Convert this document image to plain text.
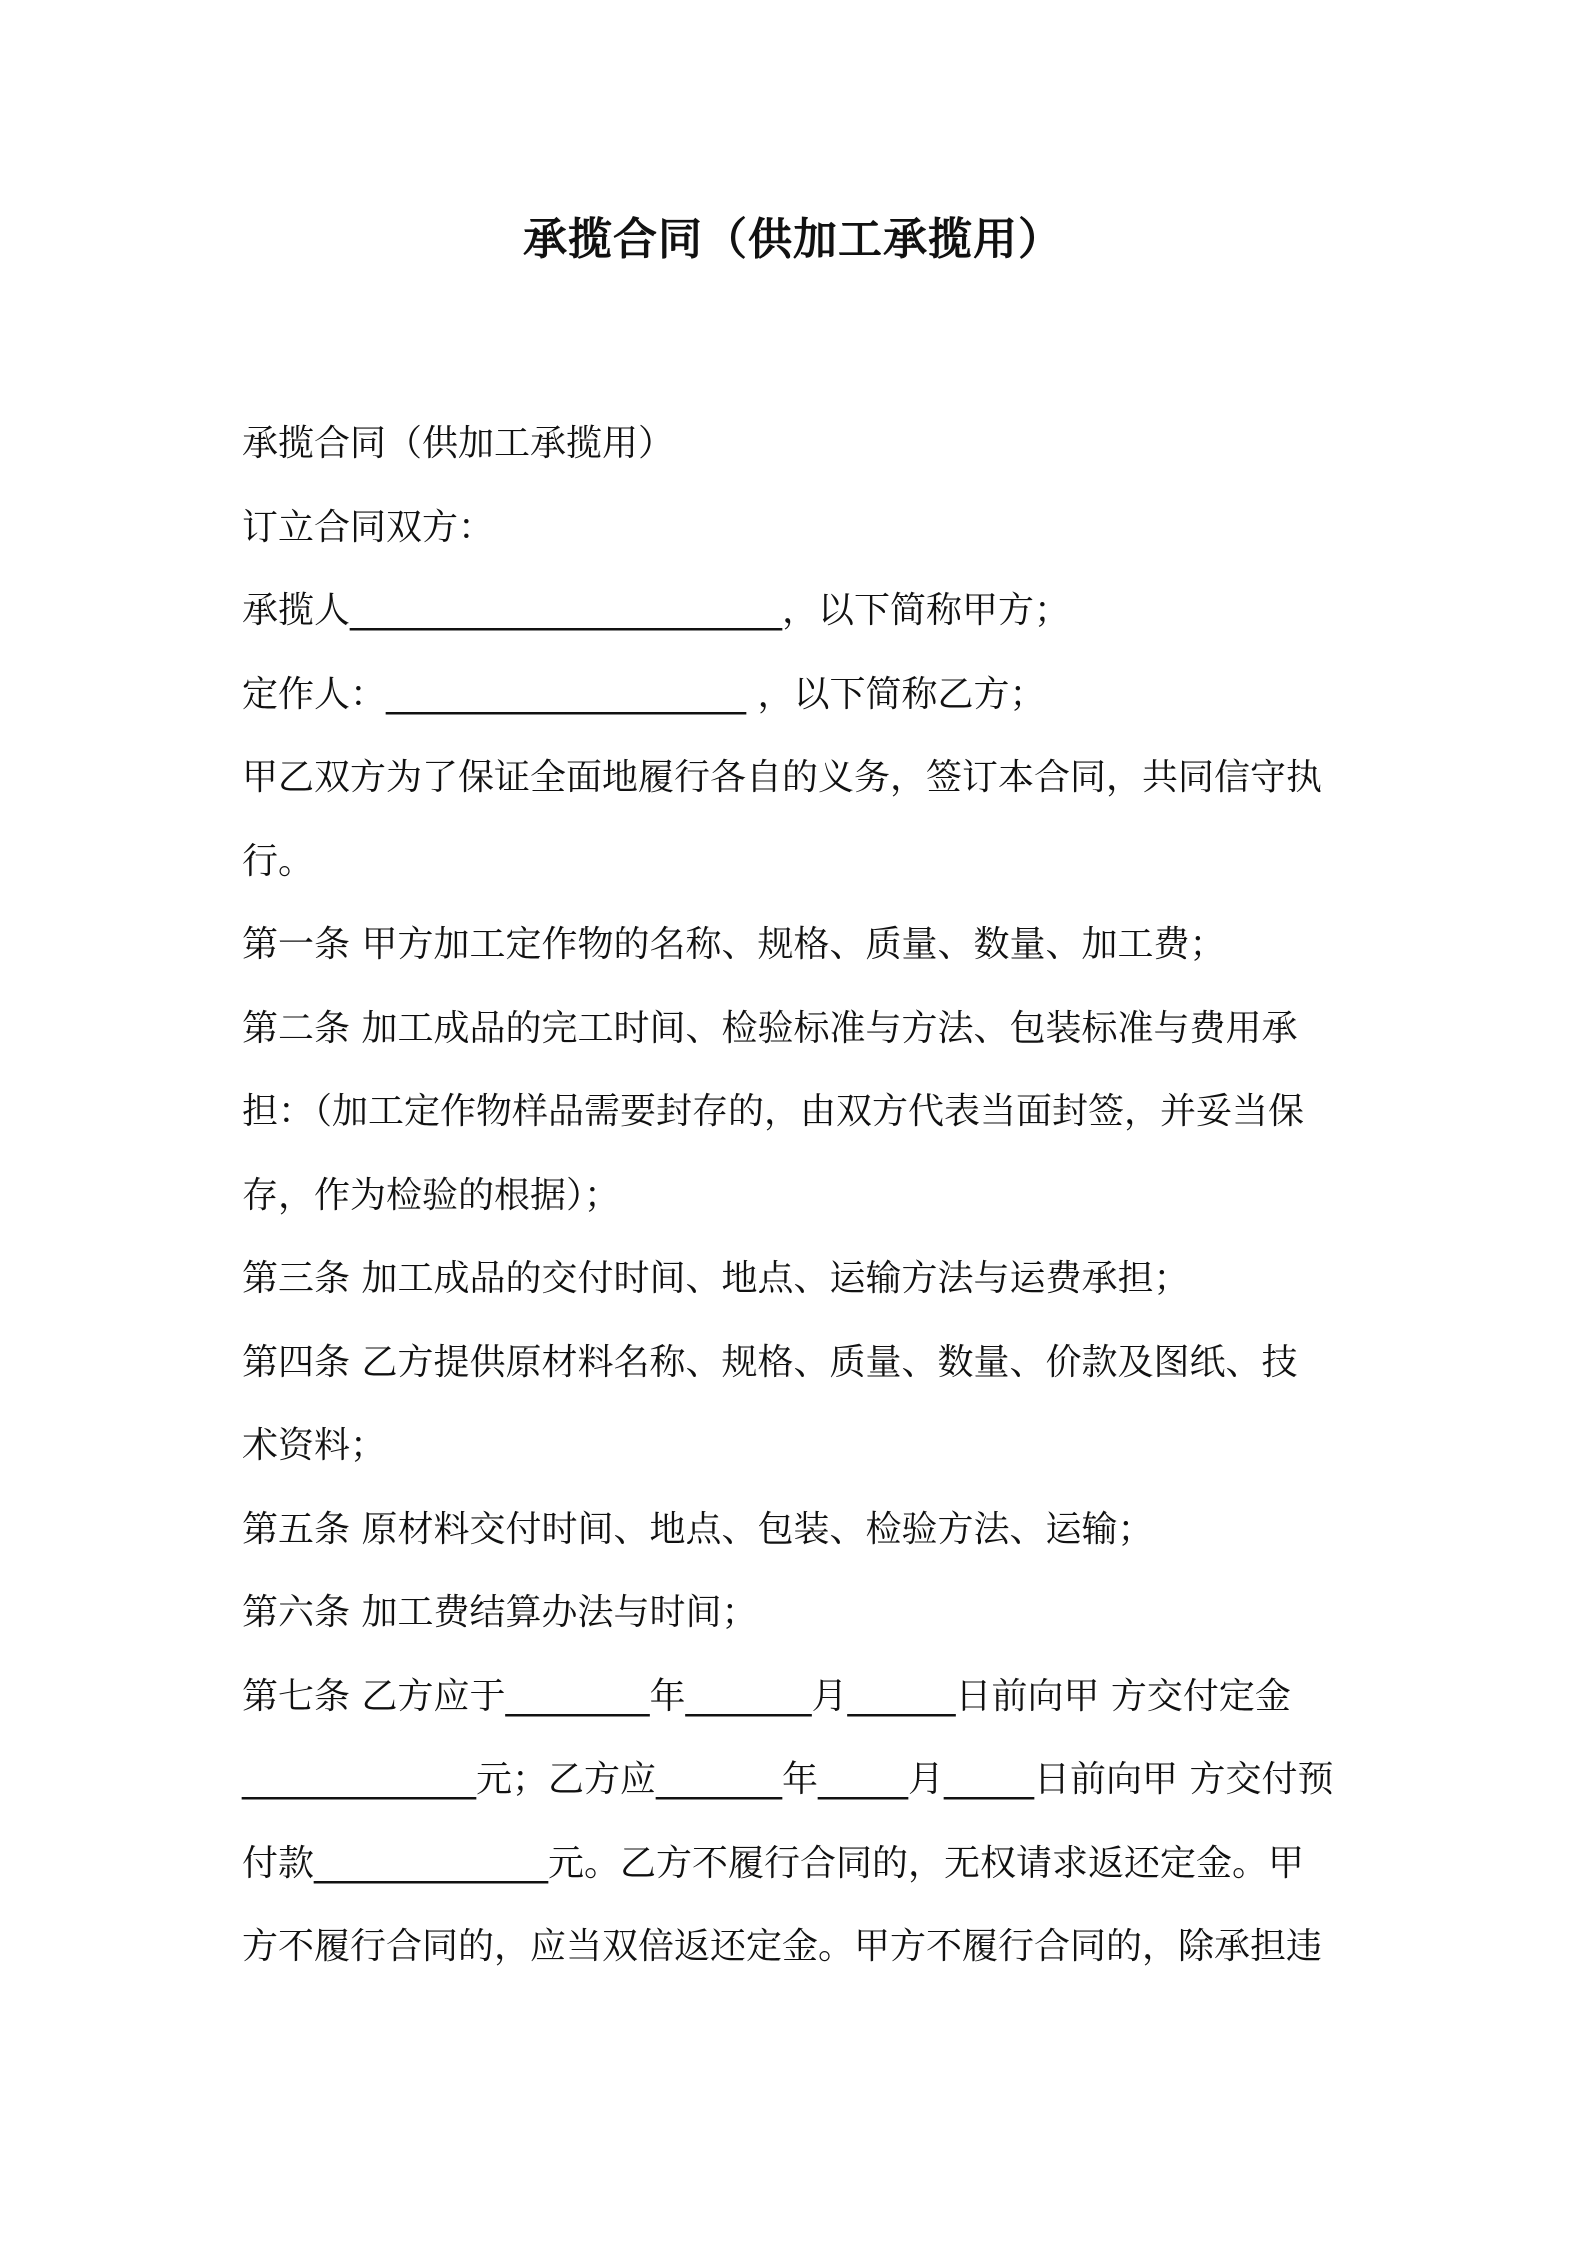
承揽合同（供加工承揽用）
承揽合同（供加工承揽用）
订立合同双方：
承揽人________________________，以下简称甲方；
定作人：____________________ ，以下简称乙方；
甲乙双方为了保证全面地履行各自的义务，签订本合同，共同信守执
行。
第一条 甲方加工定作物的名称、规格、质量、数量、加工费；
第二条 加工成品的完工时间、检验标准与方法、包装标准与费用承
担：（加工定作物样品需要封存的，由双方代表当面封签，并妥当保
存，作为检验的根据）；
第三条 加工成品的交付时间、地点、运输方法与运费承担；
第四条 乙方提供原材料名称、规格、质量、数量、价款及图纸、技
术资料；
第五条 原材料交付时间、地点、包装、检验方法、运输；
第六条 加工费结算办法与时间；
第七条 乙方应于________年_______月______日前向甲 方交付定金
_____________元；乙方应_______年_____月_____日前向甲 方交付预
付款_____________元。乙方不履行合同的，无权请求返还定金。甲
方不履行合同的，应当双倍返还定金。甲方不履行合同的，除承担违
